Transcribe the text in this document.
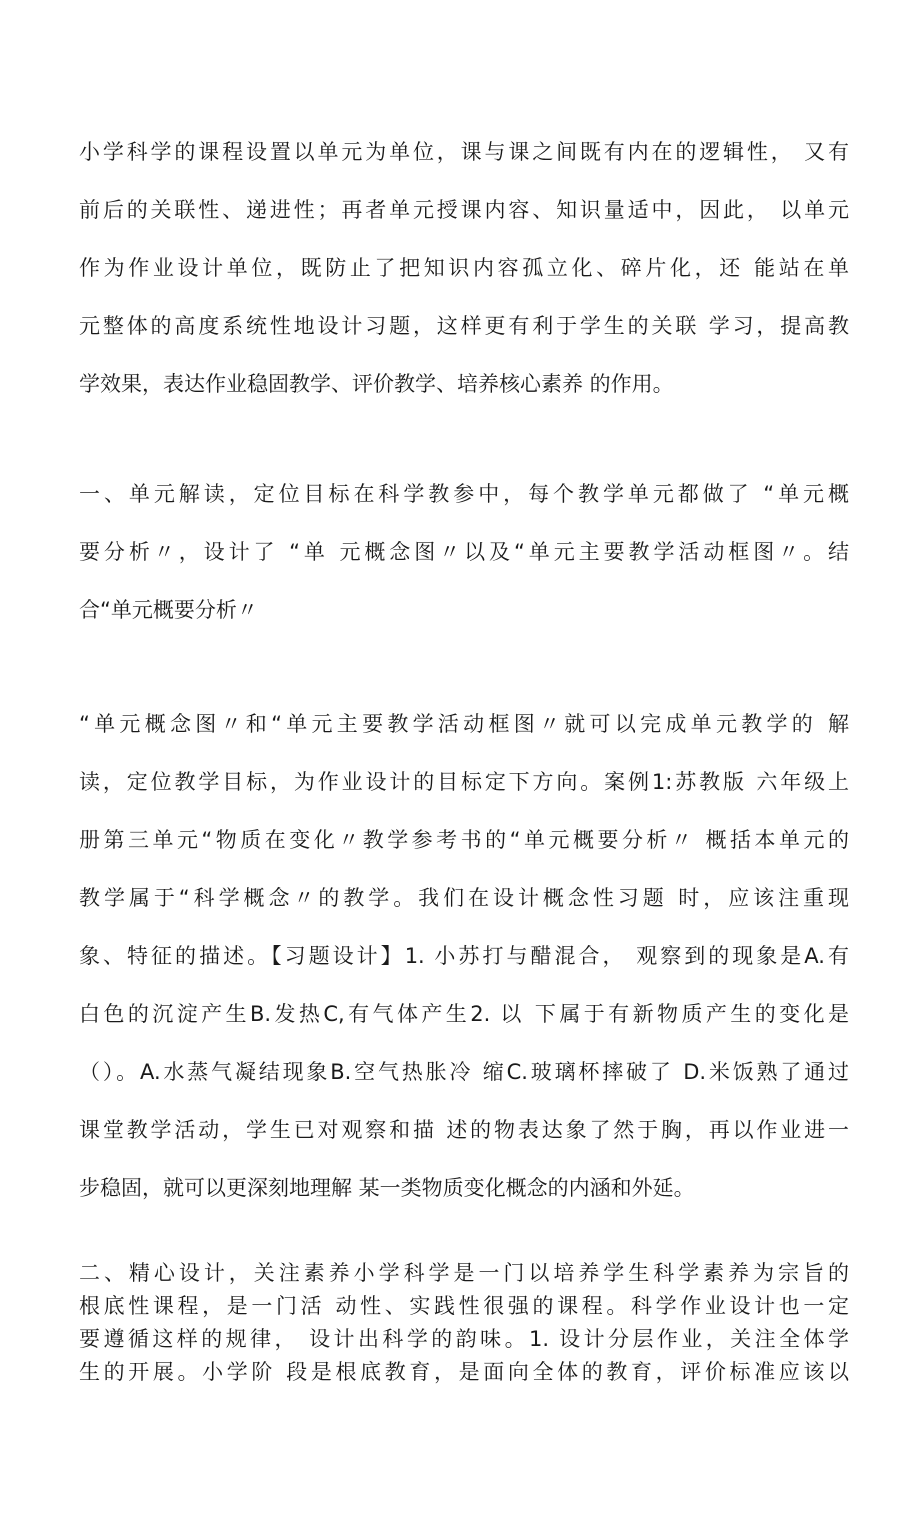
小学科学的课程设置以单元为单位，课与课之间既有内在的逻辑性， 又有
前后的关联性、递进性；再者单元授课内容、知识量适中，因此， 以单元
作为作业设计单位，既防止了把知识内容孤立化、碎片化，还 能站在单
元整体的高度系统性地设计习题，这样更有利于学生的关联 学习，提高教
学效果，表达作业稳固教学、评价教学、培养核心素养 的作用。
一、单元解读，定位目标在科学教参中，每个教学单元都做了 “单元概
要分析〃，设计了 “单 元概念图〃以及“单元主要教学活动框图〃。结
合“单元概要分析〃
“单元概念图〃和“单元主要教学活动框图〃就可以完成单元教学的 解
读，定位教学目标，为作业设计的目标定下方向。案例1:苏教版 六年级上
册第三单元“物质在变化〃教学参考书的“单元概要分析〃 概括本单元的
教学属于“科学概念〃的教学。我们在设计概念性习题 时，应该注重现
象、特征的描述。【习题设计】1. 小苏打与醋混合， 观察到的现象是A.有
白色的沉淀产生B.发热C,有气体产生2. 以 下属于有新物质产生的变化是
（）。A.水蒸气凝结现象B.空气热胀冷 缩C.玻璃杯摔破了 D.米饭熟了通过
课堂教学活动，学生已对观察和描 述的物表达象了然于胸，再以作业进一
步稳固，就可以更深刻地理解 某一类物质变化概念的内涵和外延。
二、精心设计，关注素养小学科学是一门以培养学生科学素养为宗旨的
根底性课程，是一门活 动性、实践性很强的课程。科学作业设计也一定
要遵循这样的规律， 设计出科学的韵味。1. 设计分层作业，关注全体学
生的开展。小学阶 段是根底教育，是面向全体的教育，评价标准应该以
